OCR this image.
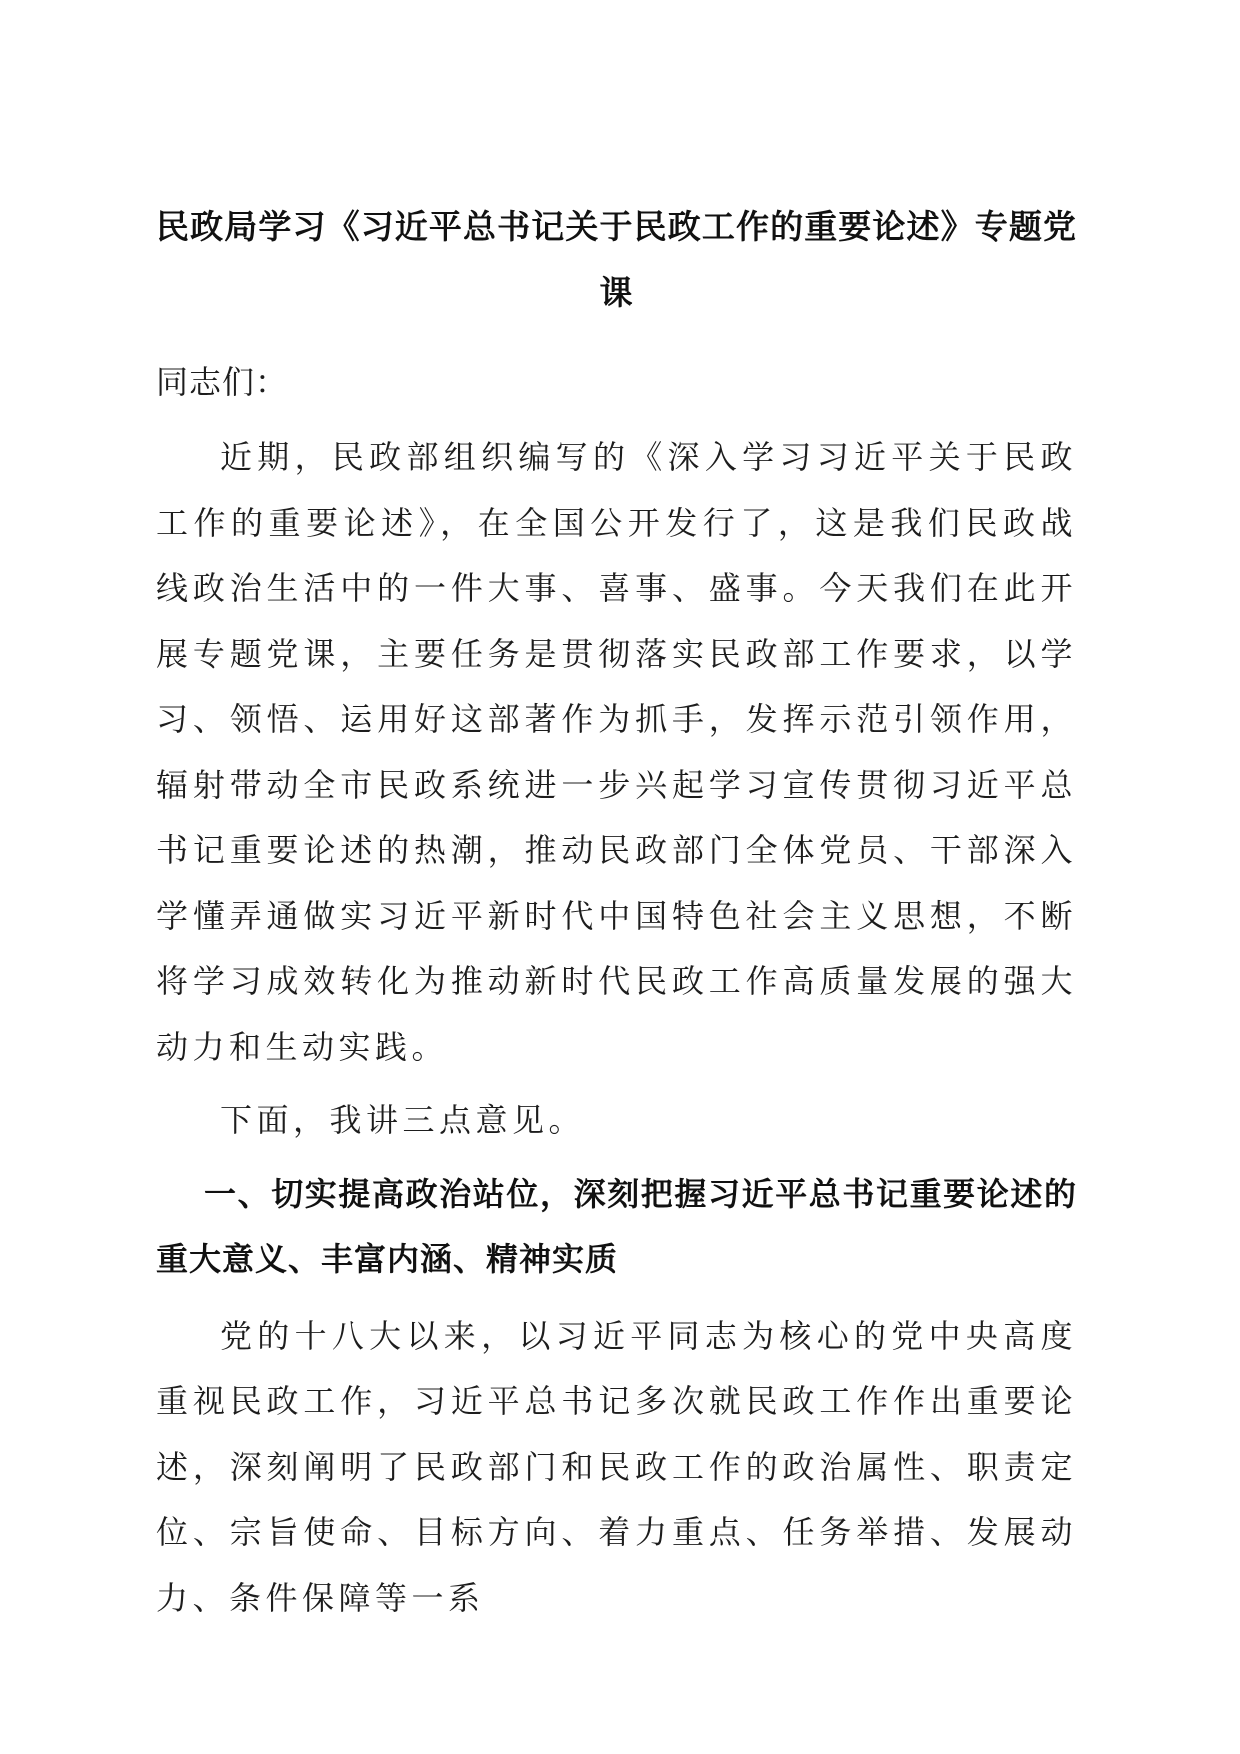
民政局学习《习近平总书记关于民政工作的重要论述》专题党课

同志们：

近期，民政部组织编写的《深入学习习近平关于民政工作的重要论述》，在全国公开发行了，这是我们民政战线政治生活中的一件大事、喜事、盛事。今天我们在此开展专题党课，主要任务是贯彻落实民政部工作要求，以学习、领悟、运用好这部著作为抓手，发挥示范引领作用，辐射带动全市民政系统进一步兴起学习宣传贯彻习近平总书记重要论述的热潮，推动民政部门全体党员、干部深入学懂弄通做实习近平新时代中国特色社会主义思想，不断将学习成效转化为推动新时代民政工作高质量发展的强大动力和生动实践。

下面，我讲三点意见。

一、切实提高政治站位，深刻把握习近平总书记重要论述的重大意义、丰富内涵、精神实质

党的十八大以来，以习近平同志为核心的党中央高度重视民政工作，习近平总书记多次就民政工作作出重要论述，深刻阐明了民政部门和民政工作的政治属性、职责定位、宗旨使命、目标方向、着力重点、任务举措、发展动力、条件保障等一系
